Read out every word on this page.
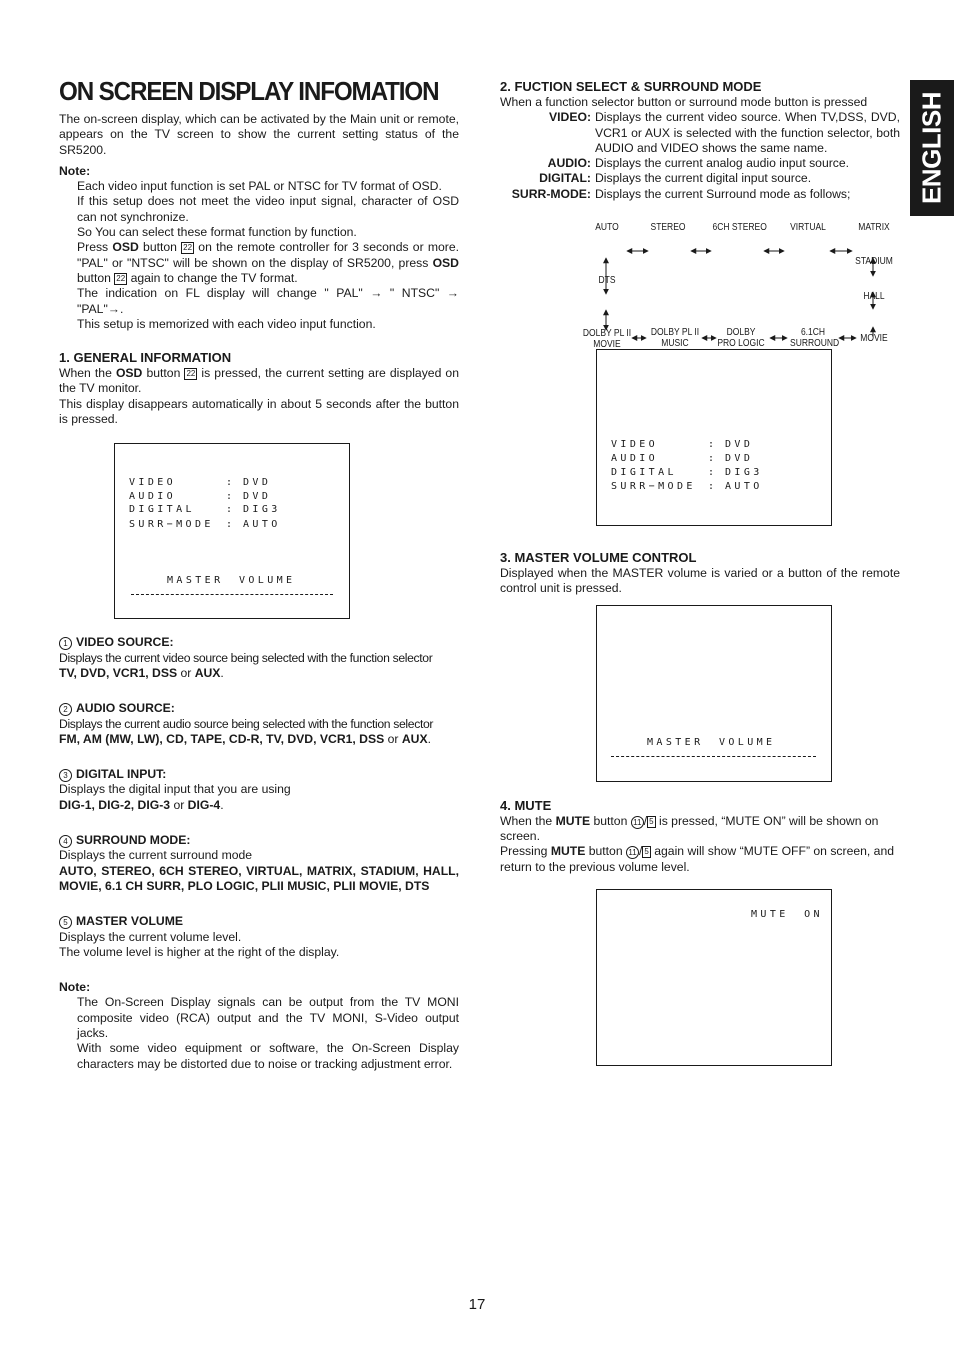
ENGLISH
ON SCREEN DISPLAY INFOMATION

The on-screen display, which can be activated by the Main unit or remote, appears on the TV screen to show the current setting status of the SR5200.

Note:

Each video input function is set PAL or NTSC for TV format of OSD.

If this setup does not meet the video input signal, character of OSD can not synchronize.

So You can select these format function by function.

Press OSD button 22 on the remote controller for 3 seconds or more. "PAL" or "NTSC" will be shown on the display of SR5200, press OSD button 22 again to change the TV format.

The indication on FL display will change " PAL" → " NTSC" → "PAL"→.

This setup is memorized with each video input function.

1. GENERAL INFORMATION

When the OSD button 22 is pressed, the current setting are displayed on the TV monitor.

This display disappears automatically in about 5 seconds after the button is pressed.

VIDEO	: DVD
AUDIO	: DVD
DIGITAL	: DIG3
SURR−MODE : AUTO
MASTER VOLUME

1 VIDEO SOURCE:

Displays the current video source being selected with the function selector

TV, DVD, VCR1, DSS or AUX.

2 AUDIO SOURCE:

Displays the current audio source being selected with the function selector

FM, AM (MW, LW), CD, TAPE, CD-R, TV, DVD, VCR1, DSS or AUX.

3 DIGITAL INPUT:

Displays the digital input that you are using

DIG-1, DIG-2, DIG-3 or DIG-4.

4 SURROUND MODE:

Displays the current surround mode

AUTO, STEREO, 6CH STEREO, VIRTUAL, MATRIX, STADIUM, HALL, MOVIE, 6.1 CH SURR, PLO LOGIC, PLII MUSIC, PLII MOVIE, DTS

5 MASTER VOLUME

Displays the current volume level.

The volume level is higher at the right of the display.

Note:

The On-Screen Display signals can be output from the TV MONI composite video (RCA) output and the TV MONI, S-Video output jacks.

With some video equipment or software, the On-Screen Display characters may be distorted due to noise or tracking adjustment error.

2. FUCTION SELECT & SURROUND MODE

When a function selector button or surround mode button is pressed

VIDEO: Displays the current video source. When TV,DSS, DVD, VCR1 or AUX is selected with the function selector, both AUDIO and VIDEO shows the same name.
AUDIO: Displays the current analog audio input source.
DIGITAL: Displays the current digital input source.
SURR-MODE: Displays the current Surround mode as follows;
VIDEO	: DVD
AUDIO	: DVD
DIGITAL	: DIG3
SURR−MODE : AUTO
3. MASTER VOLUME CONTROL

Displayed when the MASTER volume is varied or a button of the remote control unit is pressed.

MASTER VOLUME
4. MUTE

When the MUTE button 11 / 5 is pressed, “MUTE ON” will be shown on screen.

Pressing MUTE button 11 / 5 again will show “MUTE OFF” on screen, and return to the previous volume level.

MUTE ON
AUTO	STEREO	6CH STEREO VIRTUAL	MATRIX
STADIUM
HALL
MOVIE
6.1CH
SURROUND
DOLBY
PRO LOGIC
DOLBY PL II
MUSIC
DOLBY PL II
MOVIE
DTS
17
